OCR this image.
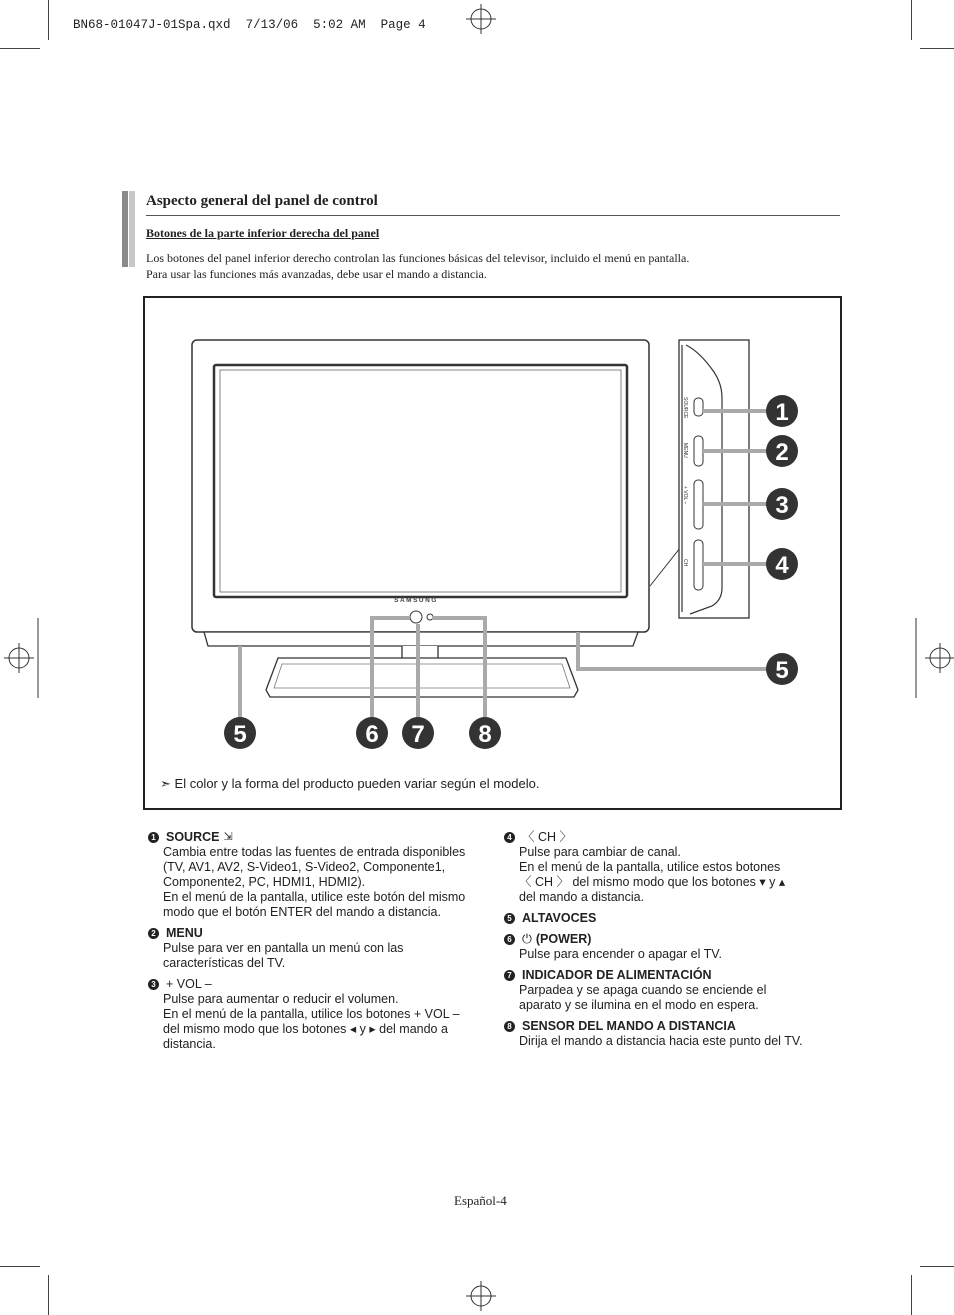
BN68-01047J-01Spa.qxd 7/13/06 5:02 AM Page 4

Aspecto general del panel de control
Botones de la parte inferior derecha del panel
Los botones del panel inferior derecho controlan las funciones básicas del televisor, incluido el menú en pantalla.
Para usar las funciones más avanzadas, debe usar el mando a distancia.
SAMSUNG
SOURCE
MENU
+ VOL –
CH
1
2
3
4
5
5	6 7 8
➣ El color y la forma del producto pueden variar según el modelo.
1 SOURCE ⇲
Cambia entre todas las fuentes de entrada disponibles
(TV, AV1, AV2, S-Video1, S-Video2, Componente1,
Componente2, PC, HDMI1, HDMI2).
En el menú de la pantalla, utilice este botón del mismo
modo que el botón ENTER del mando a distancia.
2 MENU
Pulse para ver en pantalla un menú con las
características del TV.
3 + VOL –
Pulse para aumentar o reducir el volumen.
En el menú de la pantalla, utilice los botones + VOL –
del mismo modo que los botones ◂ y ▸ del mando a
distancia.
4 〈 CH 〉
Pulse para cambiar de canal.
En el menú de la pantalla, utilice estos botones
〈 CH 〉 del mismo modo que los botones ▾ y ▴
del mando a distancia.
5 ALTAVOCES
6 ⏻ (POWER)
Pulse para encender o apagar el TV.
7 INDICADOR DE ALIMENTACIÓN
Parpadea y se apaga cuando se enciende el
aparato y se ilumina en el modo en espera.
8 SENSOR DEL MANDO A DISTANCIA
Dirija el mando a distancia hacia este punto del TV.
Español-4
